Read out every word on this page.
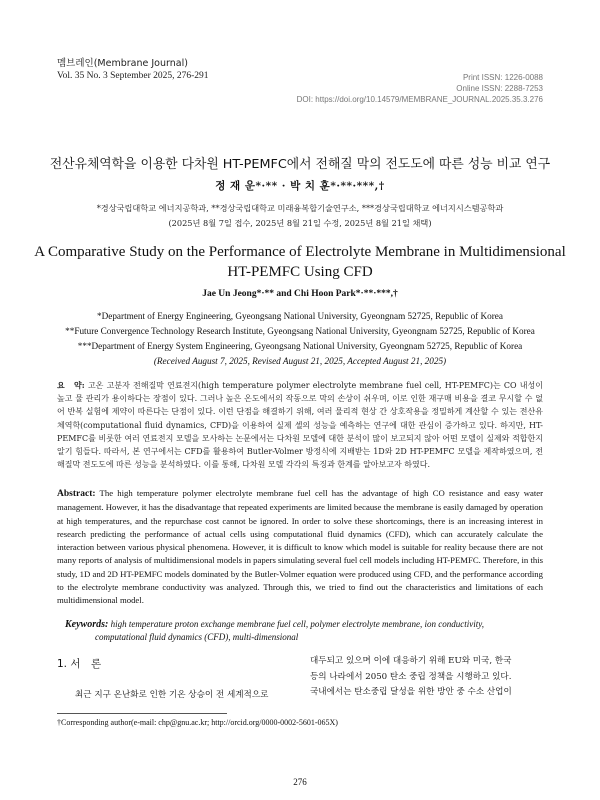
멤브레인(Membrane Journal)
Vol. 35 No. 3 September 2025, 276-291	Print ISSN: 1226-0088
Online ISSN: 2288-7253
DOI: https://doi.org/10.14579/MEMBRANE_JOURNAL.2025.35.3.276
전산유체역학을 이용한 다차원 HT-PEMFC에서 전해질 막의 전도도에 따른 성능 비교 연구
정 재 운*·** · 박 치 훈*·**·***,†
*경상국립대학교 에너지공학과, **경상국립대학교 미래융복합기술연구소, ***경상국립대학교 에너지시스템공학과
(2025년 8월 7일 접수, 2025년 8월 21일 수정, 2025년 8월 21일 채택)
A Comparative Study on the Performance of Electrolyte Membrane in Multidimensional
HT-PEMFC Using CFD
Jae Un Jeong*·** and Chi Hoon Park*·**·***,†
*Department of Energy Engineering, Gyeongsang National University, Gyeongnam 52725, Republic of Korea
**Future Convergence Technology Research Institute, Gyeongsang National University, Gyeongnam 52725, Republic of Korea
***Department of Energy System Engineering, Gyeongsang National University, Gyeongnam 52725, Republic of Korea
(Received August 7, 2025, Revised August 21, 2025, Accepted August 21, 2025)
요　약: 고온 고분자 전해질막 연료전지(high temperature polymer electrolyte membrane fuel cell, HT-PEMFC)는 CO 내성이 높고 물 관리가 용이하다는 장점이 있다. 그러나 높은 온도에서의 작동으로 막의 손상이 쉬우며, 이로 인한 재구매 비용을 결코 무시할 수 없어 반복 실험에 제약이 따른다는 단점이 있다. 이런 단점을 해결하기 위해, 여러 물리적 현상 간 상호작용을 정밀하게 계산할 수 있는 전산유체역학(computational fluid dynamics, CFD)을 이용하여 실제 셀의 성능을 예측하는 연구에 대한 관심이 증가하고 있다. 하지만, HT-PEMFC를 비롯한 여러 연료전지 모델을 모사하는 논문에서는 다차원 모델에 대한 분석이 많이 보고되지 않아 어떤 모델이 실제와 적합한지 알기 힘들다. 따라서, 본 연구에서는 CFD를 활용하여 Butler-Volmer 방정식에 지배받는 1D와 2D HT-PEMFC 모델을 제작하였으며, 전해질막 전도도에 따른 성능을 분석하였다. 이를 통해, 다차원 모델 각각의 특징과 한계를 알아보고자 하였다.
Abstract: The high temperature polymer electrolyte membrane fuel cell has the advantage of high CO resistance and easy water management. However, it has the disadvantage that repeated experiments are limited because the membrane is easily damaged by operation at high temperatures, and the repurchase cost cannot be ignored. In order to solve these shortcomings, there is an increasing interest in research predicting the performance of actual cells using computational fluid dynamics (CFD), which can accurately calculate the interaction between various physical phenomena. However, it is difficult to know which model is suitable for reality because there are not many reports of analysis of multidimensional models in papers simulating several fuel cell models including HT-PEMFC. Therefore, in this study, 1D and 2D HT-PEMFC models dominated by the Butler-Volmer equation were produced using CFD, and the performance according to the electrolyte membrane conductivity was analyzed. Through this, we tried to find out the characteristics and limitations of each multidimensional model.
Keywords: high temperature proton exchange membrane fuel cell, polymer electrolyte membrane, ion conductivity, computational fluid dynamics (CFD), multi-dimensional
1. 서　론
최근 지구 온난화로 인한 기온 상승이 전 세계적으로
대두되고 있으며 이에 대응하기 위해 EU와 미국, 한국
등의 나라에서 2050 탄소 중립 정책을 시행하고 있다.
국내에서는 탄소중립 달성을 위한 방안 중 수소 산업이
†Corresponding author(e-mail: chp@gnu.ac.kr; http://orcid.org/0000-0002-5601-065X)
276
